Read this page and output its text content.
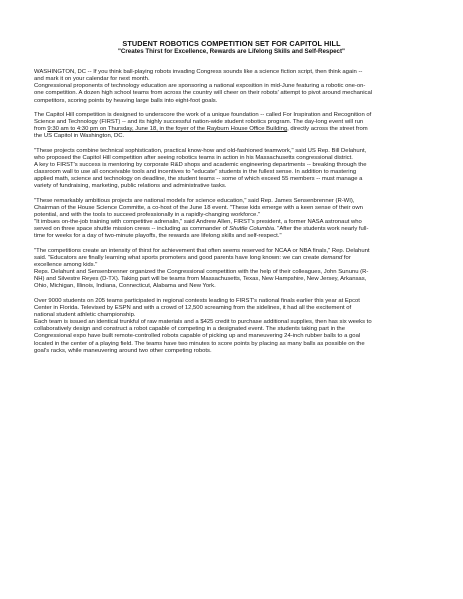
STUDENT ROBOTICS COMPETITION SET FOR CAPITOL HILL
"Creates Thirst for Excellence, Rewards are Lifelong Skills and Self-Respect"

WASHINGTON, DC -- If you think ball-playing robots invading Congress sounds like a science fiction script, then think again --
and mark it on your calendar for next month.
Congressional proponents of technology education are sponsoring a national exposition in mid-June featuring a robotic one-on-
one competition. A dozen high school teams from across the country will cheer on their robots' attempt to pivot around mechanical
competitors, scoring points by heaving large balls into eight-foot goals.

The Capitol Hill competition is designed to underscore the work of a unique foundation -- called For Inspiration and Recognition of
Science and Technology (FIRST) -- and its highly successful nation-wide student robotics program. The day-long event will run
from 9:30 am to 4:30 pm on Thursday, June 18, in the foyer of the Rayburn House Office Building, directly across the street from
the US Capitol in Washington, DC.

"These projects combine technical sophistication, practical know-how and old-fashioned teamwork," said US Rep. Bill Delahunt,
who proposed the Capitol Hill competition after seeing robotics teams in action in his Massachusetts congressional district.
A key to FIRST's success is mentoring by corporate R&D shops and academic engineering departments -- breaking through the
classroom wall to use all conceivable tools and incentives to "educate" students in the fullest sense. In addition to mastering
applied math, science and technology on deadline, the student teams -- some of which exceed 55 members -- must manage a
variety of fundraising, marketing, public relations and administrative tasks.

"These remarkably ambitious projects are national models for science education," said Rep. James Sensenbrenner (R-WI),
Chairman of the House Science Committe, a co-host of the June 18 event. "These kids emerge with a keen sense of their own
potential, and with the tools to succeed professionally in a rapidly-changing workforce."
"It imbues on-the-job training with competitive adrenalin," said Andrew Allen, FIRST's president, a former NASA astronaut who
served on three space shuttle mission crews -- including as commander of Shuttle Columbia. "After the students work nearly full-
time for weeks for a day of two-minute playoffs, the rewards are lifelong skills and self-respect."

"The competitions create an intensity of thirst for achievement that often seems reserved for NCAA or NBA finals," Rep. Delahunt
said. "Educators are finally learning what sports promoters and good parents have long known: we can create demand for
excellence among kids."
Reps. Delahunt and Sensenbrenner organized the Congressional competition with the help of their colleagues, John Sununu (R-
NH) and Silvestre Reyes (D-TX). Taking part will be teams from Massachusetts, Texas, New Hampshire, New Jersey, Arkansas,
Ohio, Michigan, Illinois, Indiana, Connecticut, Alabama and New York.

Over 9000 students on 205 teams participated in regional contests leading to FIRST's national finals earlier this year at Epcot
Center in Florida. Televised by ESPN and with a crowd of 12,500 screaming from the sidelines, it had all the excitement of
national student athletic championship.
Each team is issued an identical trunkful of raw materials and a $425 credit to purchase additional supplies, then has six weeks to
collaboratively design and construct a robot capable of competing in a designated event. The students taking part in the
Congressional expo have built remote-controlled robots capable of picking up and maneuvering 24-inch rubber balls to a goal
located in the center of a playing field. The teams have two minutes to score points by placing as many balls as possible on the
goal's racks, while maneuvering around two other competing robots.
